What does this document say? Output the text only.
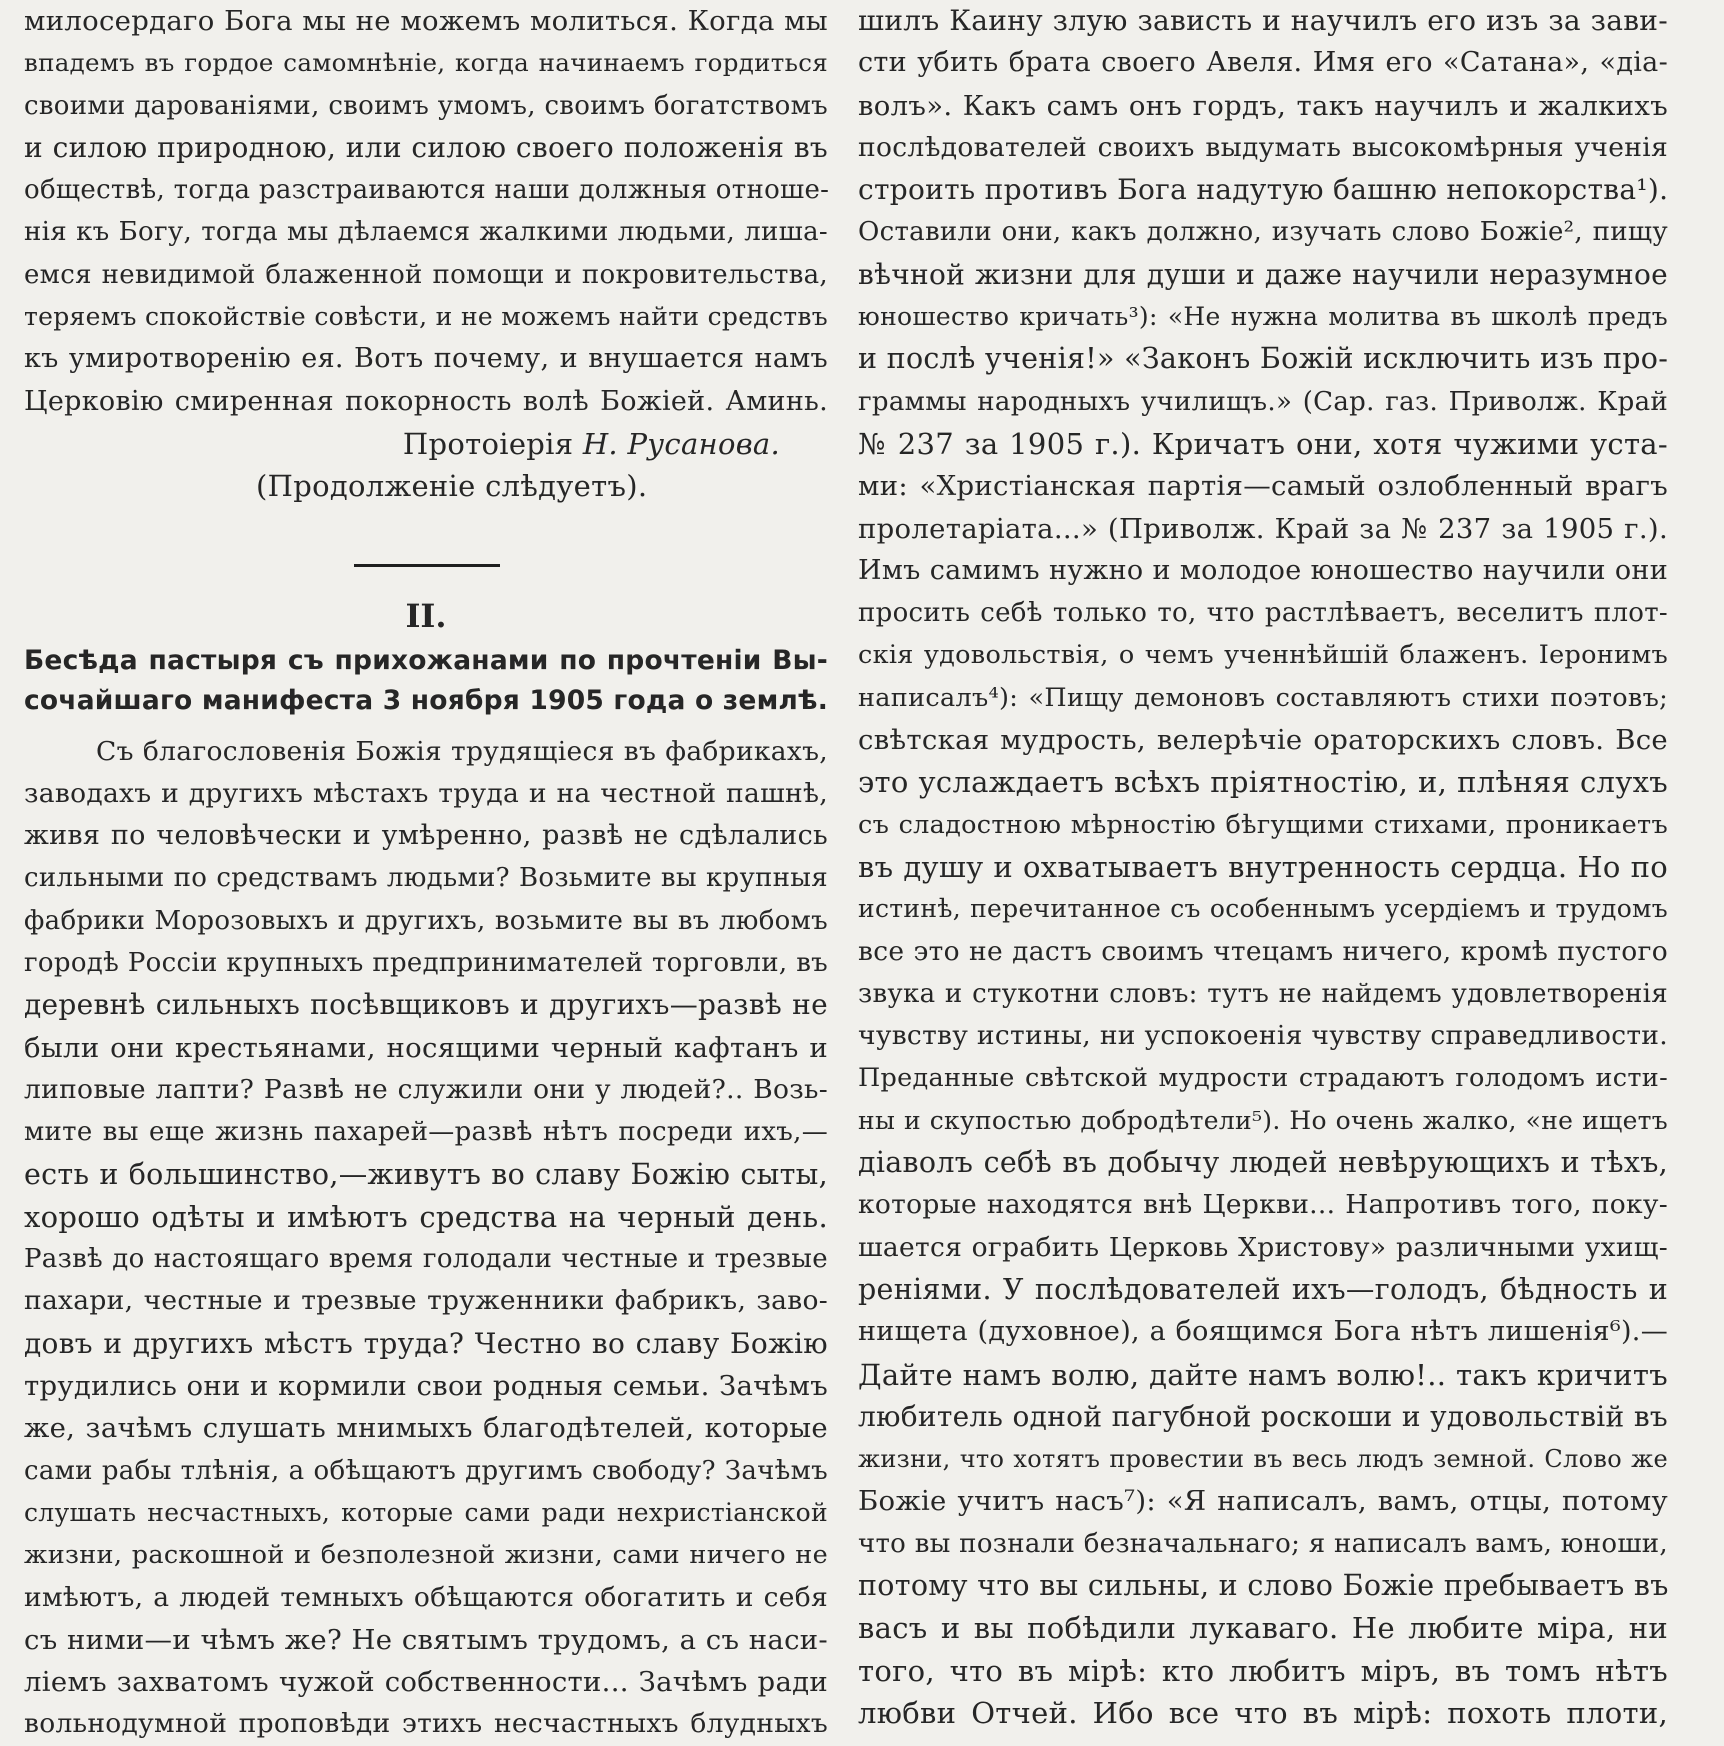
милосердаго Бога мы не можемъ молиться. Когда мы
впадемъ въ гордое самомнѣніе, когда начинаемъ гордиться
своими дарованіями, своимъ умомъ, своимъ богатствомъ
и силою природною, или силою своего положенія въ
обществѣ, тогда разстраиваются наши должныя отноше-
нія къ Богу, тогда мы дѣлаемся жалкими людьми, лиша-
емся невидимой блаженной помощи и покровительства,
теряемъ спокойствіе совѣсти, и не можемъ найти средствъ
къ умиротворенію ея. Вотъ почему, и внушается намъ
Церковію смиренная покорность волѣ Божіей. Аминь.
Протоіерія Н. Русанова.
(Продолженіе слѣдуетъ).
II.
Бесѣда пастыря съ прихожанами по прочтеніи Вы-
сочайшаго манифеста 3 ноября 1905 года о землѣ.
Съ благословенія Божія трудящіеся въ фабрикахъ,
заводахъ и другихъ мѣстахъ труда и на честной пашнѣ,
живя по человѣчески и умѣренно, развѣ не сдѣлались
сильными по средствамъ людьми? Возьмите вы крупныя
фабрики Морозовыхъ и другихъ, возьмите вы въ любомъ
городѣ Россіи крупныхъ предпринимателей торговли, въ
деревнѣ сильныхъ посѣвщиковъ и другихъ—развѣ не
были они крестьянами, носящими черный кафтанъ и
липовые лапти? Развѣ не служили они у людей?.. Возь-
мите вы еще жизнь пахарей—развѣ нѣтъ посреди ихъ,—
есть и большинство,—живутъ во славу Божію сыты,
хорошо одѣты и имѣютъ средства на черный день.
Развѣ до настоящаго время голодали честные и трезвые
пахари, честные и трезвые труженники фабрикъ, заво-
довъ и другихъ мѣстъ труда? Честно во славу Божію
трудились они и кормили свои родныя семьи. Зачѣмъ
же, зачѣмъ слушать мнимыхъ благодѣтелей, которые
сами рабы тлѣнія, а обѣщаютъ другимъ свободу? Зачѣмъ
слушать несчастныхъ, которые сами ради нехристіанской
жизни, раскошной и безполезной жизни, сами ничего не
имѣютъ, а людей темныхъ обѣщаются обогатить и себя
съ ними—и чѣмъ же? Не святымъ трудомъ, а съ наси-
ліемъ захватомъ чужой собственности... Зачѣмъ ради
вольнодумной проповѣди этихъ несчастныхъ блудныхъ
шилъ Каину злую зависть и научилъ его изъ за зави-
сти убить брата своего Авеля. Имя его «Сатана», «діа-
волъ». Какъ самъ онъ гордъ, такъ научилъ и жалкихъ
послѣдователей своихъ выдумать высокомѣрныя ученія
строить противъ Бога надутую башню непокорства¹).
Оставили они, какъ должно, изучать слово Божіе², пищу
вѣчной жизни для души и даже научили неразумное
юношество кричать³): «Не нужна молитва въ школѣ предъ
и послѣ ученія!» «Законъ Божій исключить изъ про-
граммы народныхъ училищъ.» (Сар. газ. Приволж. Край
№ 237 за 1905 г.). Кричатъ они, хотя чужими уста-
ми: «Христіанская партія—самый озлобленный врагъ
пролетаріата...» (Приволж. Край за № 237 за 1905 г.).
Имъ самимъ нужно и молодое юношество научили они
просить себѣ только то, что растлѣваетъ, веселитъ плот-
скія удовольствія, о чемъ ученнѣйшій блаженъ. Іеронимъ
написалъ⁴): «Пищу демоновъ составляютъ стихи поэтовъ;
свѣтская мудрость, велерѣчіе ораторскихъ словъ. Все
это услаждаетъ всѣхъ пріятностію, и, плѣняя слухъ
съ сладостною мѣрностію бѣгущими стихами, проникаетъ
въ душу и охватываетъ внутренность сердца. Но по
истинѣ, перечитанное съ особеннымъ усердіемъ и трудомъ
все это не дастъ своимъ чтецамъ ничего, кромѣ пустого
звука и стукотни словъ: тутъ не найдемъ удовлетворенія
чувству истины, ни успокоенія чувству справедливости.
Преданные свѣтской мудрости страдаютъ голодомъ исти-
ны и скупостью добродѣтели⁵). Но очень жалко, «не ищетъ
діаволъ себѣ въ добычу людей невѣрующихъ и тѣхъ,
которые находятся внѣ Церкви... Напротивъ того, поку-
шается ограбить Церковь Христову» различными ухищ-
реніями. У послѣдователей ихъ—голодъ, бѣдность и
нищета (духовное), а боящимся Бога нѣтъ лишенія⁶).—
Дайте намъ волю, дайте намъ волю!.. такъ кричитъ
любитель одной пагубной роскоши и удовольствій въ
жизни, что хотятъ провестии въ весь людъ земной. Слово же
Божіе учитъ насъ⁷): «Я написалъ, вамъ, отцы, потому
что вы познали безначальнаго; я написалъ вамъ, юноши,
потому что вы сильны, и слово Божіе пребываетъ въ
васъ и вы побѣдили лукаваго. Не любите міра, ни
того, что въ мірѣ: кто любитъ міръ, въ томъ нѣтъ
любви Отчей. Ибо все что въ мірѣ: похоть плоти,
